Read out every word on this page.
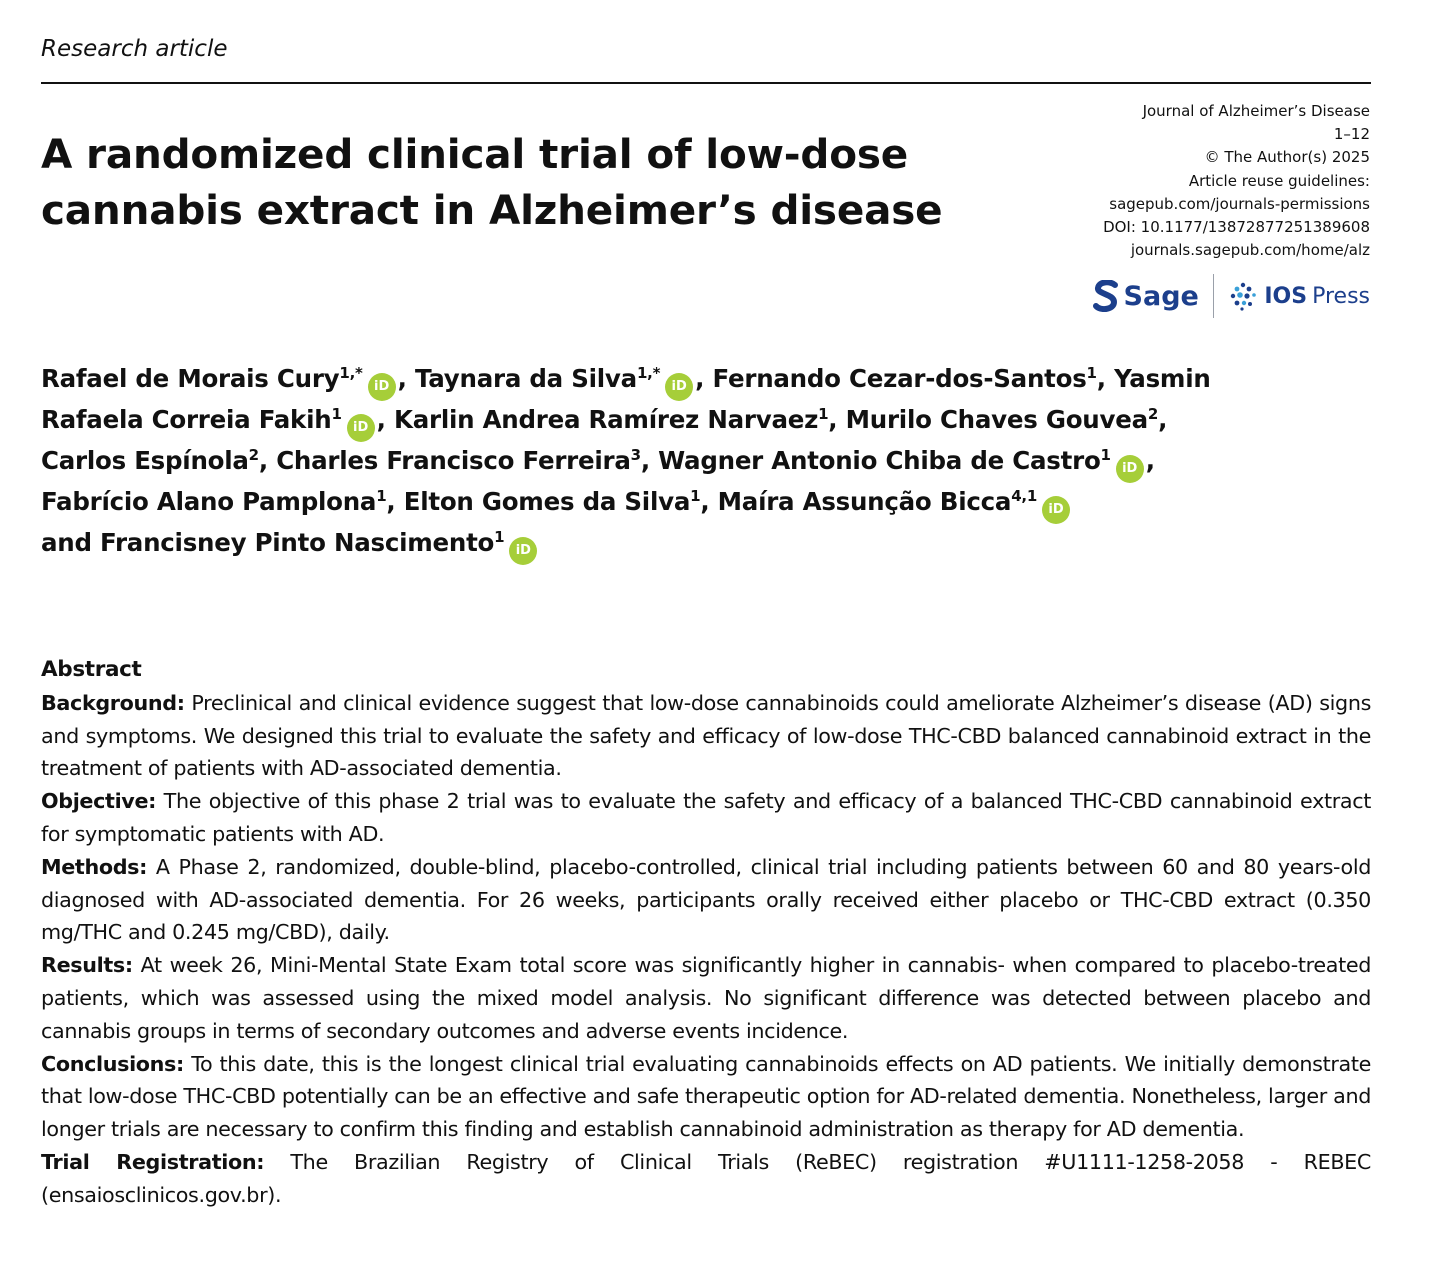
Research article
A randomized clinical trial of low-dose
cannabis extract in Alzheimer’s disease
Journal of Alzheimer’s Disease
1–12
© The Author(s) 2025
Article reuse guidelines:
sagepub.com/journals-permissions
DOI: 10.1177/13872877251389608
journals.sagepub.com/home/alz
Sage	IOS Press
Rafael de Morais Cury$^{1,*}$iD , Taynara da Silva$^{1,*}$iD , Fernando Cezar-dos-Santos$^1$, Yasmin
Rafaela Correia Fakih$^1$iD , Karlin Andrea Ramírez Narvaez$^1$, Murilo Chaves Gouvea$^2$,
Carlos Espínola$^2$, Charles Francisco Ferreira$^3$, Wagner Antonio Chiba de Castro$^1$iD ,
Fabrício Alano Pamplona$^1$, Elton Gomes da Silva$^1$, Maíra Assunção Bicca$^{4,1}$iD
and Francisney Pinto Nascimento$^1$iD
Abstract

Background: Preclinical and clinical evidence suggest that low-dose cannabinoids could ameliorate Alzheimer’s disease (AD) signs and symptoms. We designed this trial to evaluate the safety and efficacy of low-dose THC-CBD balanced cannabinoid extract in the treatment of patients with AD-associated dementia.

Objective: The objective of this phase 2 trial was to evaluate the safety and efficacy of a balanced THC-CBD cannabinoid extract for symptomatic patients with AD.

Methods: A Phase 2, randomized, double-blind, placebo-controlled, clinical trial including patients between 60 and 80 years-old diagnosed with AD-associated dementia. For 26 weeks, participants orally received either placebo or THC-CBD extract (0.350 mg/THC and 0.245 mg/CBD), daily.

Results: At week 26, Mini-Mental State Exam total score was significantly higher in cannabis- when compared to placebo-treated patients, which was assessed using the mixed model analysis. No significant difference was detected between placebo and cannabis groups in terms of secondary outcomes and adverse events incidence.

Conclusions: To this date, this is the longest clinical trial evaluating cannabinoids effects on AD patients. We initially demonstrate that low-dose THC-CBD potentially can be an effective and safe therapeutic option for AD-related dementia. Nonetheless, larger and longer trials are necessary to confirm this finding and establish cannabinoid administration as therapy for AD dementia.

Trial Registration: The Brazilian Registry of Clinical Trials (ReBEC) registration #U1111-1258-2058 - REBEC (ensaiosclinicos.gov.br).
